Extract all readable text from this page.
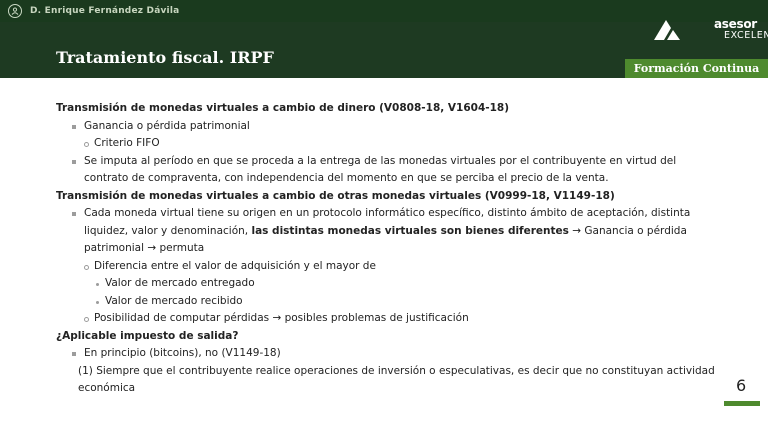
D. Enrique Fernández Dávila
Tratamiento fiscal. IRPF
asesor
EXCELENTE
Formación Continua
Transmisión de monedas virtuales a cambio de dinero (V0808-18, V1604-18)
Ganancia o pérdida patrimonial
Criterio FIFO
Se imputa al período en que se proceda a la entrega de las monedas virtuales por el contribuyente en virtud del contrato de compraventa, con independencia del momento en que se perciba el precio de la venta.
Transmisión de monedas virtuales a cambio de otras monedas virtuales (V0999-18, V1149-18)
Cada moneda virtual tiene su origen en un protocolo informático específico, distinto ámbito de aceptación, distinta liquidez, valor y denominación, las distintas monedas virtuales son bienes diferentes → Ganancia o pérdida patrimonial → permuta
Diferencia entre el valor de adquisición y el mayor de
Valor de mercado entregado
Valor de mercado recibido
Posibilidad de computar pérdidas → posibles problemas de justificación
¿Aplicable impuesto de salida?
En principio (bitcoins), no (V1149-18)
(1) Siempre que el contribuyente realice operaciones de inversión o especulativas, es decir que no constituyan actividad económica	6
